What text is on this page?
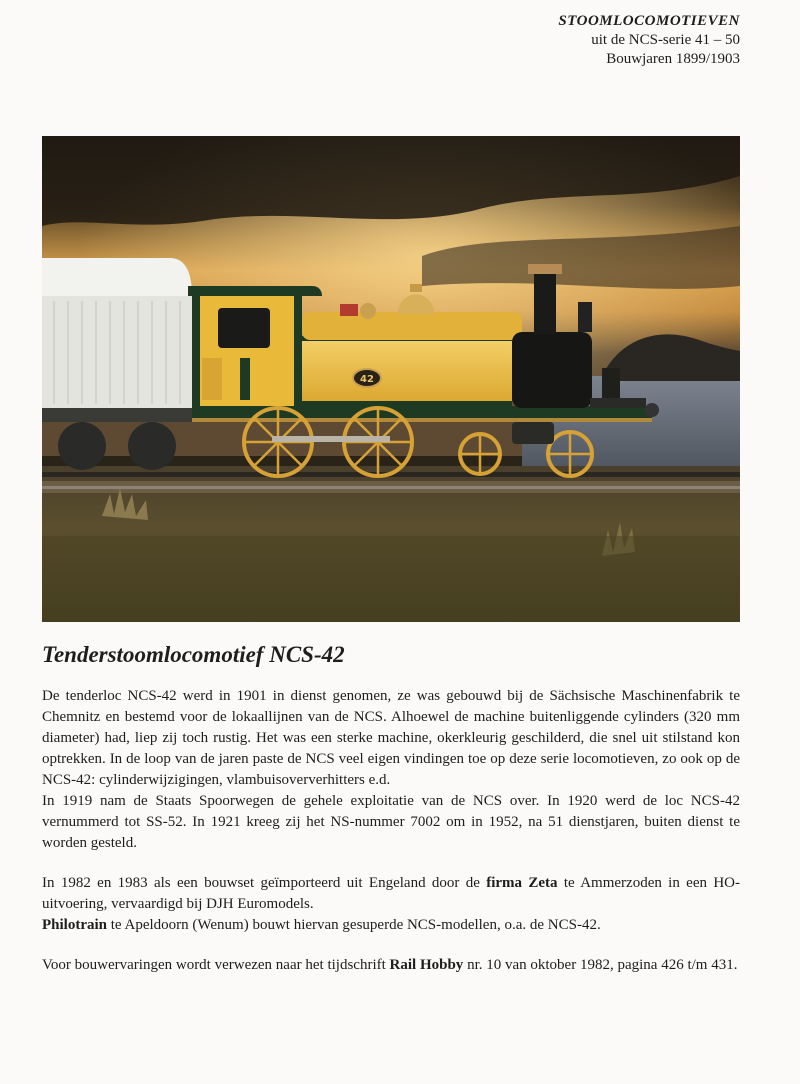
STOOMLOCOMOTIEVEN
uit de NCS-serie 41 – 50
Bouwjaren 1899/1903
42
Tenderstoomlocomotief NCS-42

De tenderloc NCS-42 werd in 1901 in dienst genomen, ze was gebouwd bij de Sächsische Maschinenfabrik te Chemnitz en bestemd voor de lokaallijnen van de NCS. Alhoewel de machine buitenliggende cylinders (320 mm diameter) had, liep zij toch rustig. Het was een sterke machine, okerkleurig geschilderd, die snel uit stilstand kon optrekken. In de loop van de jaren paste de NCS veel eigen vindingen toe op deze serie locomotieven, zo ook op de NCS-42: cylinderwijzigingen, vlambuisoververhitters e.d.

In 1919 nam de Staats Spoorwegen de gehele exploitatie van de NCS over. In 1920 werd de loc NCS-42 vernummerd tot SS-52. In 1921 kreeg zij het NS-nummer 7002 om in 1952, na 51 dienstjaren, buiten dienst te worden gesteld.

In 1982 en 1983 als een bouwset geïmporteerd uit Engeland door de firma Zeta te Ammerzoden in een HO-uitvoering, vervaardigd bij DJH Euromodels.

Philotrain te Apeldoorn (Wenum) bouwt hiervan gesuperde NCS-modellen, o.a. de NCS-42.

Voor bouwervaringen wordt verwezen naar het tijdschrift Rail Hobby nr. 10 van oktober 1982, pagina 426 t/m 431.
